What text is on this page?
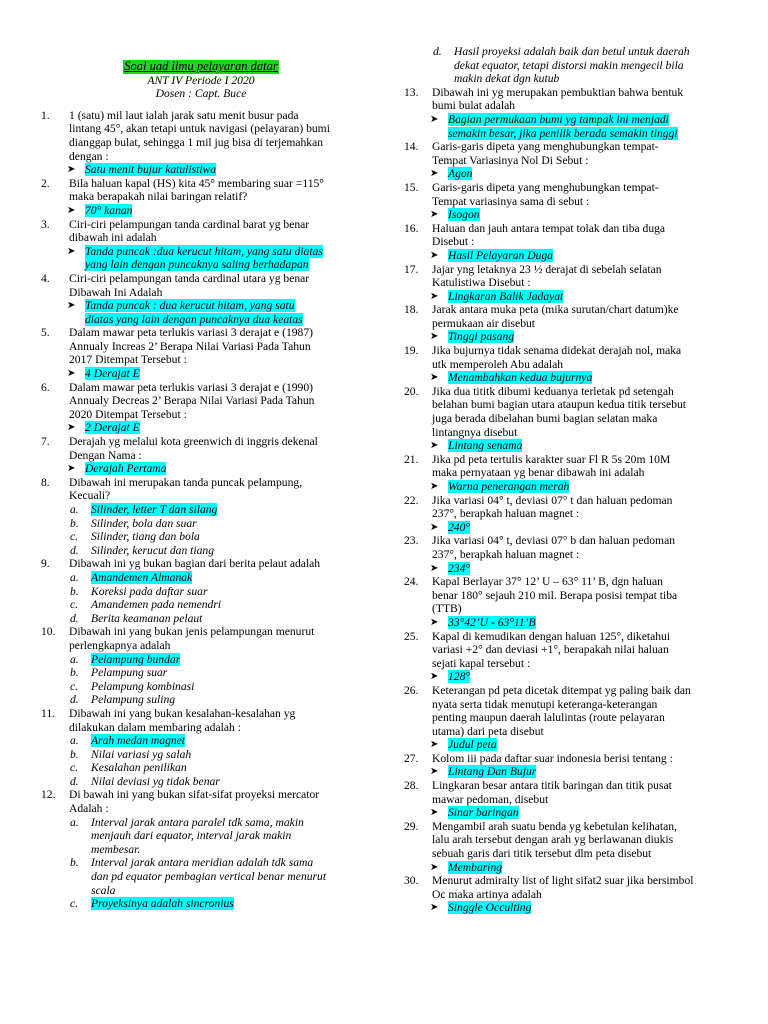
Soal uad ilmu pelayaran datar
ANT IV Periode I 2020
Dosen : Capt. Buce
1.	1 (satu) mil laut ialah jarak satu menit busur pada
lintang 45°, akan tetapi untuk navigasi (pelayaran) bumi
dianggap bulat, sehingga 1 mil jug bisa di terjemahkan
dengan :
➤ Satu menit bujur katulistiwa
2.	Bila haluan kapal (HS) kita 45° membaring suar =115°
maka berapakah nilai baringan relatif?
➤ 70° kanan
3.	Ciri-ciri pelampungan tanda cardinal barat yg benar
dibawah ini adalah
➤ Tanda puncak :dua kerucut hitam, yang satu diatas
yang lain dengan puncaknya saling berhadapan
4.	Ciri-ciri pelampungan tanda cardinal utara yg benar
Dibawah Ini Adalah
➤ Tanda puncak : dua kerucut hitam, yang satu
diatas yang lain dengan puncaknya dua keatas
5.	Dalam mawar peta terlukis variasi 3 derajat e (1987)
Annualy Increas 2’ Berapa Nilai Variasi Pada Tahun
2017 Ditempat Tersebut :
➤ 4 Derajat E
6.	Dalam mawar peta terlukis variasi 3 derajat e (1990)
Annualy Decreas 2’ Berapa Nilai Variasi Pada Tahun
2020 Ditempat Tersebut :
➤ 2 Derajat E
7.	Derajah yg melalui kota greenwich di inggris dekenal
Dengan Nama :
➤ Derajah Pertama
8.	Dibawah ini merupakan tanda puncak pelampung,
Kecuali?
a. Silinder, letter T dan silang
b. Silinder, bola dan suar
c. Silinder, tiang dan bola
d. Silinder, kerucut dan tiang
9.	Dibawah ini yg bukan bagian dari berita pelaut adalah
a. Amandemen Almanak
b. Koreksi pada daftar suar
c. Amandemen pada nemendri
d. Berita keamanan pelaut
10.	Dibawah ini yang bukan jenis pelampungan menurut
perlengkapnya adalah
a. Pelampung bundar
b. Pelampung suar
c. Pelampung kombinasi
d. Pelampung suling
11.	Dibawah ini yang bukan kesalahan-kesalahan yg
dilakukan dalam membaring adalah :
a. Arah medan magnet
b. Nilai variasi yg salah
c. Kesalahan penilikan
d. Nilai deviasi yg tidak benar
12.	Di bawah ini yang bukan sifat-sifat proyeksi mercator
Adalah :
a. Interval jarak antara paralel tdk sama, makin
menjauh dari equator, interval jarak makin
membesar.
b. Interval jarak antara meridian adalah tdk sama
dan pd equator pembagian vertical benar menurut
scala
c. Proyeksinya adalah sincronius
d. Hasil proyeksi adalah baik dan betul untuk daerah
dekat equator, tetapi distorsi makin mengecil bila
makin dekat dgn kutub
13.	Dibawah ini yg merupakan pembuktian bahwa bentuk
bumi bulat adalah
➤ Bagian permukaan bumi yg tampak ini menjadi
semakin besar, jika penilik berada semakin tinggi
14.	Garis-garis dipeta yang menghubungkan tempat-
Tempat Variasinya Nol Di Sebut :
➤ Agon
15.	Garis-garis dipeta yang menghubungkan tempat-
Tempat variasinya sama di sebut :
➤ Isogon
16.	Haluan dan jauh antara tempat tolak dan tiba duga
Disebut :
➤ Hasil Pelayaran Duga
17.	Jajar yng letaknya 23 ½ derajat di sebelah selatan
Katulistiwa Disebut :
➤ Lingkaran Balik Jadayat
18.	Jarak antara muka peta (mika surutan/chart datum)ke
permukaan air disebut
➤ Tinggi pasang
19.	Jika bujurnya tidak senama didekat derajah nol, maka
utk memperoleh Abu adalah
➤ Menambahkan kedua bujurnya
20.	Jika dua tititk dibumi keduanya terletak pd setengah
belahan bumi bagian utara ataupun kedua titik tersebut
juga berada dibelahan bumi bagian selatan maka
lintangnya disebut
➤ Lintang senama
21.	Jika pd peta tertulis karakter suar Fl R 5s 20m 10M
maka pernyataan yg benar dibawah ini adalah
➤ Warna penerangan merah
22.	Jika variasi 04° t, deviasi 07° t dan haluan pedoman
237°, berapkah haluan magnet :
➤ 240°
23.	Jika variasi 04° t, deviasi 07° b dan haluan pedoman
237°, berapkah haluan magnet :
➤ 234°
24.	Kapal Berlayar 37° 12’ U – 63° 11’ B, dgn haluan
benar 180° sejauh 210 mil. Berapa posisi tempat tiba
(TTB)
➤ 33°42’U - 63°11’B
25.	Kapal di kemudikan dengan haluan 125°, diketahui
variasi +2° dan deviasi +1°, berapakah nilai haluan
sejati kapal tersebut :
➤ 128°
26.	Keterangan pd peta dicetak ditempat yg paling baik dan
nyata serta tidak menutupi keteranga-keterangan
penting maupun daerah lalulintas (route pelayaran
utama) dari peta disebut
➤ Judul peta
27.	Kolom iii pada daftar suar indonesia berisi tentang :
➤ Lintang Dan Bujur
28.	Lingkaran besar antara titik baringan dan titik pusat
mawar pedoman, disebut
➤ Sinar baringan
29.	Mengambil arah suatu benda yg kebetulan kelihatan,
lalu arah tersebut dengan arah yg berlawanan diukis
sebuah garis dari titik tersebut dlm peta disebut
➤ Membaring
30.	Menurut admiralty list of light sifat2 suar jika bersimbol
Oc maka artinya adalah
➤ Singgle Occulting
